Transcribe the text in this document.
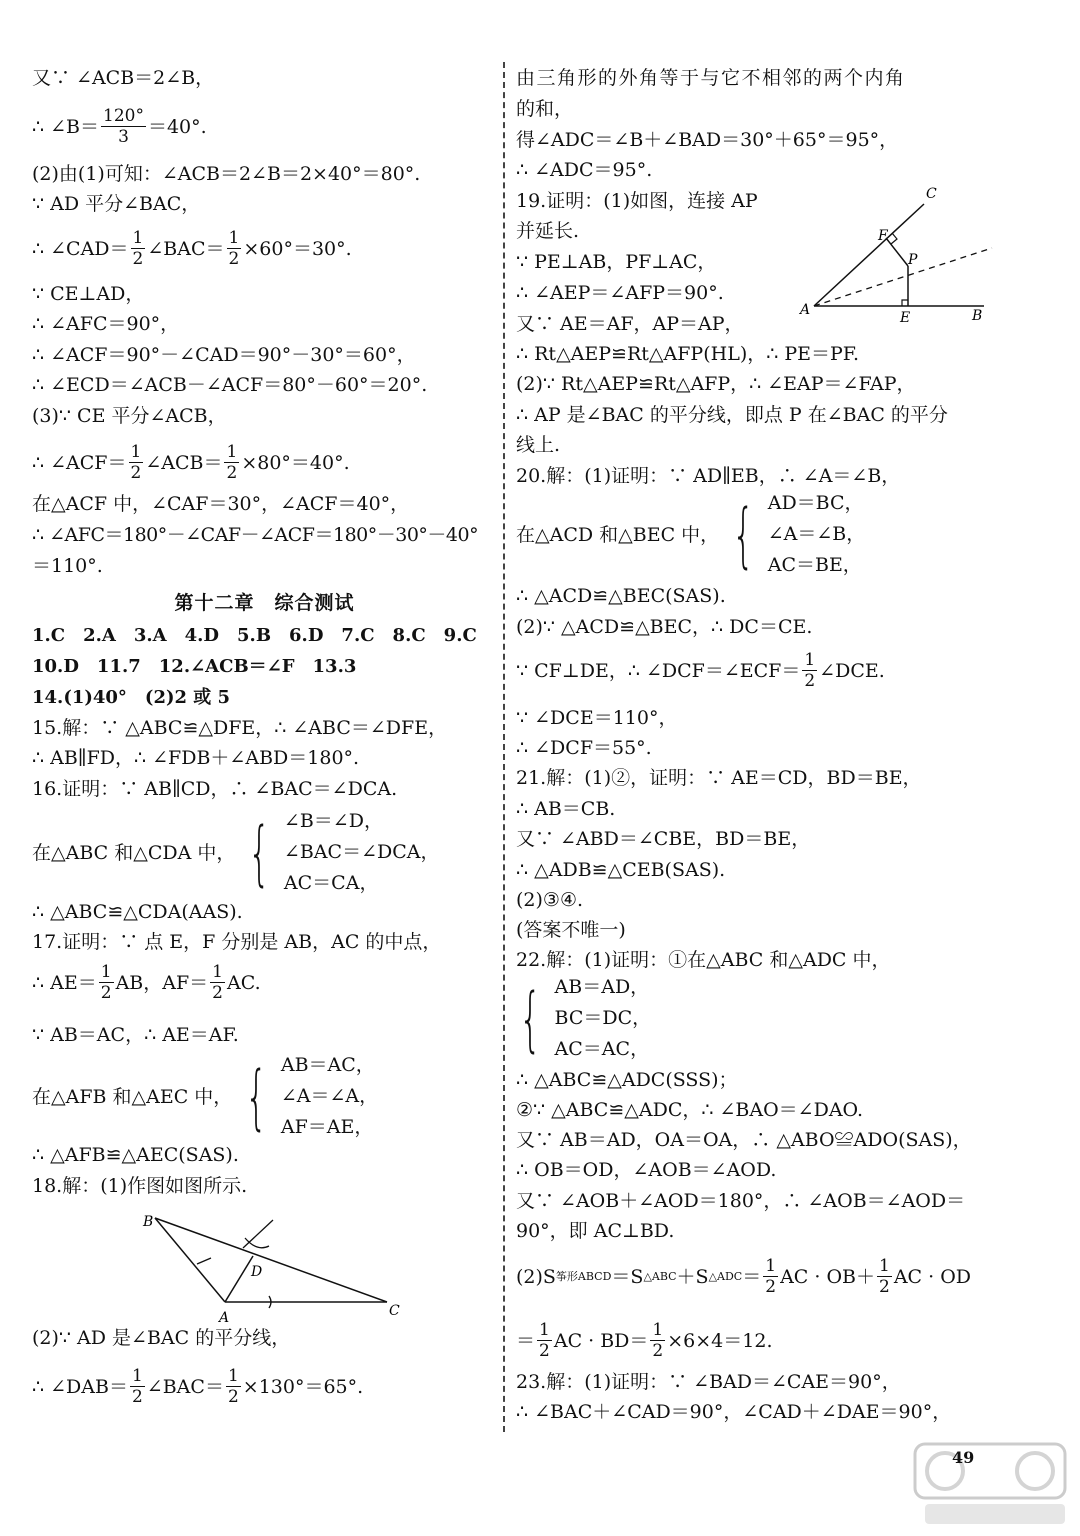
又∵ ∠ACB＝2∠B，
∴ ∠B＝ $\frac{120^\circ}{3} =40^\circ$.
(2)由(1)可知：∠ACB＝2∠B＝2×40°＝80°.
∵ AD 平分∠BAC，
∴ ∠CAD＝ $\frac{1}{2}$ ∠BAC＝ $\frac{1}{2} \times 60^\circ=30^\circ$.
∵ CE⊥AD，
∴ ∠AFC＝90°，
∴ ∠ACF＝90°－∠CAD＝90°－30°＝60°，
∴ ∠ECD＝∠ACB－∠ACF＝80°－60°＝20°.
(3)∵ CE 平分∠ACB，
∴ ∠ACF＝ $\frac{1}{2}$ ∠ACB＝ $\frac{1}{2} \times 80^\circ=40^\circ$.
在△ACF 中，∠CAF＝30°，∠ACF＝40°，
∴ ∠AFC＝180°－∠CAF－∠ACF＝180°－30°－40°
＝110°.
第十二章　综合测试
1.C　2.A　3.A　4.D　5.B　6.D　7.C　8.C　9.C
10.D　11.7　12.∠ACB＝∠F　13.3
14.(1)40°　(2)2 或 5
15.解：∵ △ABC≌△DFE，∴ ∠ABC＝∠DFE，
∴ AB∥FD，∴ ∠FDB＋∠ABD＝180°.
16.证明：∵ AB∥CD，∴ ∠BAC＝∠DCA.
在△ABC 和△CDA 中， { ∠B＝∠D，
∠BAC＝∠DCA，
AC＝CA，
∴ △ABC≌△CDA(AAS).
17.证明：∵ 点 E，F 分别是 AB，AC 的中点，
∴ $AE= \frac{1}{2}$ AB，$AF= \frac{1}{2}$ AC.
∵ AB＝AC，∴ AE＝AF.
在△AFB 和△AEC 中， { AB＝AC，
∠A＝∠A，
AF＝AE，
∴ △AFB≌△AEC(SAS).
18.解：(1)作图如图所示.
B
D
A	C
(2)∵ AD 是∠BAC 的平分线，
∴ ∠DAB＝ $\frac{1}{2}$ ∠BAC＝ $\frac{1}{2} \times 130^\circ=65^\circ$.
由三角形的外角等于与它不相邻的两个内角
的和，
得∠ADC＝∠B＋∠BAD＝30°＋65°＝95°，
∴ ∠ADC＝95°.
19.证明：(1)如图，连接 AP
并延长.
∵ PE⊥AB，PF⊥AC，
∴ ∠AEP＝∠AFP＝90°.
又∵ AE＝AF，AP＝AP，
C
F
P
A	E	B
∴ Rt△AEP≌Rt△AFP(HL)，∴ PE＝PF.
(2)∵ Rt△AEP≌Rt△AFP，∴ ∠EAP＝∠FAP，
∴ AP 是∠BAC 的平分线，即点 P 在∠BAC 的平分
线上.
20.解：(1)证明：∵ AD∥EB，∴ ∠A＝∠B，
在△ACD 和△BEC 中， { AD＝BC，
∠A＝∠B，
AC＝BE，
∴ △ACD≌△BEC(SAS).
(2)∵ △ACD≌△BEC，∴ DC＝CE.
∵ CF⊥DE，∴ ∠DCF＝∠ECF＝ $\frac{1}{2}$ ∠DCE.
∵ ∠DCE＝110°，
∴ ∠DCF＝55°.
21.解：(1)②，证明：∵ AE＝CD，BD＝BE，
∴ AB＝CB.
又∵ ∠ABD＝∠CBE，BD＝BE，
∴ △ADB≌△CEB(SAS).
(2)③④.
(答案不唯一)
22.解：(1)证明：①在△ABC 和△ADC 中，
{ AB＝AD，
BC＝DC，
AC＝AC，
∴ △ABC≌△ADC(SSS)；
②∵ △ABC≌△ADC，∴ ∠BAO＝∠DAO.
又∵ AB＝AD，OA＝OA，∴ △ABO≌ADO(SAS)，
∴ OB＝OD，∠AOB＝∠AOD.
又∵ ∠AOB＋∠AOD＝180°，∴ ∠AOB＝∠AOD＝
90°，即 AC⊥BD.
(2)S 筝形ABCD ＝S △ABC ＋S △ADC ＝ $\frac{1}{2}$ AC · $OB+ \frac{1}{2}$ AC · OD
＝ $\frac{1}{2}$ AC · $BD= \frac{1}{2} \times 6\times 4=12$.
23.解：(1)证明：∵ ∠BAD＝∠CAE＝90°，
∴ ∠BAC＋∠CAD＝90°，∠CAD＋∠DAE＝90°，
49
